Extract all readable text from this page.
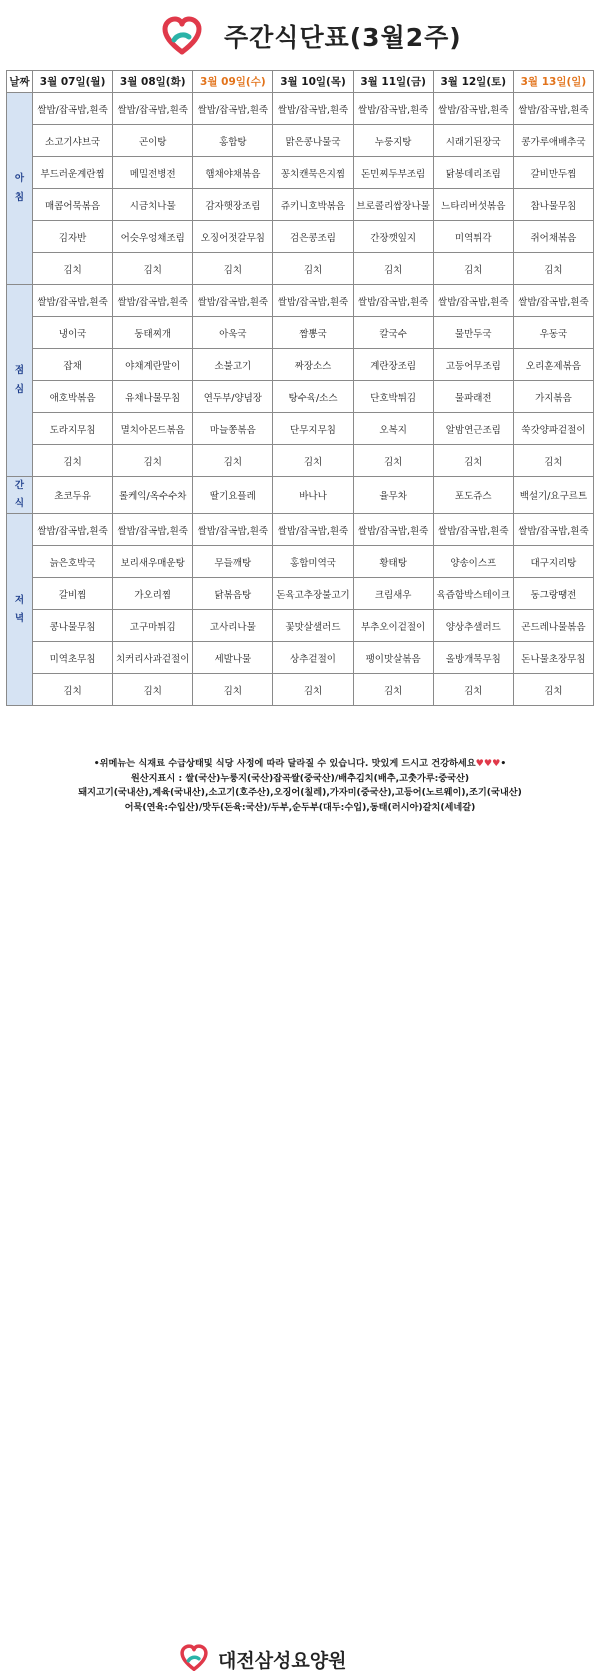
주간식단표(3월2주)
날짜	3월 07일(월)	3월 08일(화)	3월 09일(수)	3월 10일(목)	3월 11일(금)	3월 12일(토)	3월 13일(일)

아
침	쌀밥/잡곡밥,흰죽	쌀밥/잡곡밥,흰죽	쌀밥/잡곡밥,흰죽	쌀밥/잡곡밥,흰죽	쌀밥/잡곡밥,흰죽	쌀밥/잡곡밥,흰죽	쌀밥/잡곡밥,흰죽
	소고기샤브국	곤이탕	홍합탕	맑은콩나물국	누룽지탕	시래기된장국	콩가루애배추국
	부드러운계란찜	메밀전병전	햄채야채볶음	꽁치캔묵은지찜	돈민찌두부조림	닭봉데리조림	갈비만두찜
	매콤어묵볶음	시금치나물	감자햇장조림	쥬키니호박볶음	브로콜리쌈장나물	느타리버섯볶음	참나물무침
	김자반	어슷우엉채조림	오징어젓갈무침	검은콩조림	간장깻잎지	미역튀각	쥐어채볶음
	김치	김치	김치	김치	김치	김치	김치

점
심	쌀밥/잡곡밥,흰죽	쌀밥/잡곡밥,흰죽	쌀밥/잡곡밥,흰죽	쌀밥/잡곡밥,흰죽	쌀밥/잡곡밥,흰죽	쌀밥/잡곡밥,흰죽	쌀밥/잡곡밥,흰죽
	냉이국	동태찌개	아욱국	짬뽕국	칼국수	물만두국	우동국
	잡채	야채계란말이	소불고기	짜장소스	계란장조림	고등어무조림	오리훈제볶음
	애호박볶음	유채나물무침	연두부/양념장	탕수육/소스	단호박튀김	물파래전	가지볶음
	도라지무침	멸치아몬드볶음	마늘쫑볶음	단무지무침	오복지	알밤연근조림	쑥갓양파겉절이
	김치	김치	김치	김치	김치	김치	김치

간
식	초코두유	롤케익/옥수수차	딸기요플레	바나나	율무차	포도쥬스	백설기/요구르트

저
녁	쌀밥/잡곡밥,흰죽	쌀밥/잡곡밥,흰죽	쌀밥/잡곡밥,흰죽	쌀밥/잡곡밥,흰죽	쌀밥/잡곡밥,흰죽	쌀밥/잡곡밥,흰죽	쌀밥/잡곡밥,흰죽
	늙은호박국	보리새우매운탕	무들깨탕	홍합미역국	황태탕	양송이스프	대구지리탕
	갈비찜	가오리찜	닭볶음탕	돈육고추장불고기	크림새우	육즙함박스테이크	동그랑땡전
	콩나물무침	고구마튀김	고사리나물	꽃맛살샐러드	부추오이겉절이	양상추샐러드	곤드레나물볶음
	미역초무침	치커리사과겉절이	세발나물	상추겉절이	팽이맛살볶음	올방개묵무침	돈나물초장무침
	김치	김치	김치	김치	김치	김치	김치
•위메뉴는 식재료 수급상태및 식당 사정에 따라 달라질 수 있습니다. 맛있게 드시고 건강하세요♥♥♥•
원산지표시 : 쌀(국산)누룽지(국산)잡곡쌀(중국산)/배추김치(배추,고춧가루:중국산)
돼지고기(국내산),계육(국내산),소고기(호주산),오징어(칠레),가자미(중국산),고등어(노르웨이),조기(국내산)
어묵(연육:수입산)/맛두(돈육:국산)/두부,순두부(대두:수입),동태(러시아)갈치(세네갈)
대전삼성요양원
